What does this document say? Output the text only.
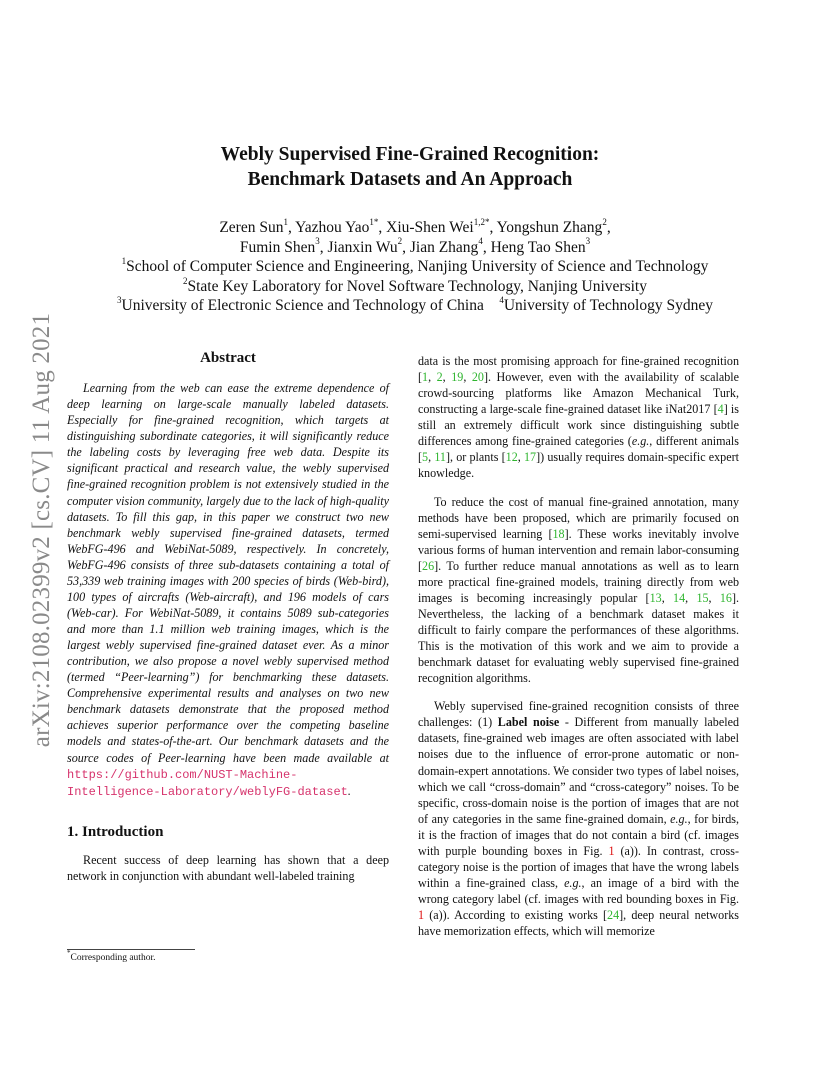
arXiv:2108.02399v2 [cs.CV] 11 Aug 2021
Webly Supervised Fine-Grained Recognition:
Benchmark Datasets and An Approach
Zeren Sun$^1$, Yazhou Yao$^{1*}$, Xiu-Shen Wei$^{1,2*}$, Yongshun Zhang$^2$,
Fumin Shen$^3$, Jianxin Wu$^2$, Jian Zhang$^4$, Heng Tao Shen$^3$
$^1$School of Computer Science and Engineering, Nanjing University of Science and Technology
$^2$State Key Laboratory for Novel Software Technology, Nanjing University
$^3$University of Electronic Science and Technology of China $^4$University of Technology Sydney

Abstract

Learning from the web can ease the extreme dependence of deep learning on large-scale manually labeled datasets. Especially for fine-grained recognition, which targets at distinguishing subordinate categories, it will significantly reduce the labeling costs by leveraging free web data. Despite its significant practical and research value, the webly supervised fine-grained recognition problem is not extensively studied in the computer vision community, largely due to the lack of high-quality datasets. To fill this gap, in this paper we construct two new benchmark webly supervised fine-grained datasets, termed WebFG-496 and WebiNat-5089, respectively. In concretely, WebFG-496 consists of three sub-datasets containing a total of 53,339 web training images with 200 species of birds (Web-bird), 100 types of aircrafts (Web-aircraft), and 196 models of cars (Web-car). For WebiNat-5089, it contains 5089 sub-categories and more than 1.1 million web training images, which is the largest webly supervised fine-grained dataset ever. As a minor contribution, we also propose a novel webly supervised method (termed “Peer-learning”) for benchmarking these datasets. Comprehensive experimental results and analyses on two new benchmark datasets demonstrate that the proposed method achieves superior performance over the competing baseline models and states-of-the-art. Our benchmark datasets and the source codes of Peer-learning have been made available at https://github.com/NUST-Machine-Intelligence-Laboratory/weblyFG-dataset.

1. Introduction

Recent success of deep learning has shown that a deep network in conjunction with abundant well-labeled training

*Corresponding author.

data is the most promising approach for fine-grained recognition [1, 2, 19, 20]. However, even with the availability of scalable crowd-sourcing platforms like Amazon Mechanical Turk, constructing a large-scale fine-grained dataset like iNat2017 [4] is still an extremely difficult work since distinguishing subtle differences among fine-grained categories (e.g., different animals [5, 11], or plants [12, 17]) usually requires domain-specific expert knowledge.

To reduce the cost of manual fine-grained annotation, many methods have been proposed, which are primarily focused on semi-supervised learning [18]. These works inevitably involve various forms of human intervention and remain labor-consuming [26]. To further reduce manual annotations as well as to learn more practical fine-grained models, training directly from web images is becoming increasingly popular [13, 14, 15, 16]. Nevertheless, the lacking of a benchmark dataset makes it difficult to fairly compare the performances of these algorithms. This is the motivation of this work and we aim to provide a benchmark dataset for evaluating webly supervised fine-grained recognition algorithms.

Webly supervised fine-grained recognition consists of three challenges: (1) Label noise - Different from manually labeled datasets, fine-grained web images are often associated with label noises due to the influence of error-prone automatic or non-domain-expert annotations. We consider two types of label noises, which we call “cross-domain” and “cross-category” noises. To be specific, cross-domain noise is the portion of images that are not of any categories in the same fine-grained domain, e.g., for birds, it is the fraction of images that do not contain a bird (cf. images with purple bounding boxes in Fig. 1 (a)). In contrast, cross-category noise is the portion of images that have the wrong labels within a fine-grained class, e.g., an image of a bird with the wrong category label (cf. images with red bounding boxes in Fig. 1 (a)). According to existing works [24], deep neural networks have memorization effects, which will memorize
